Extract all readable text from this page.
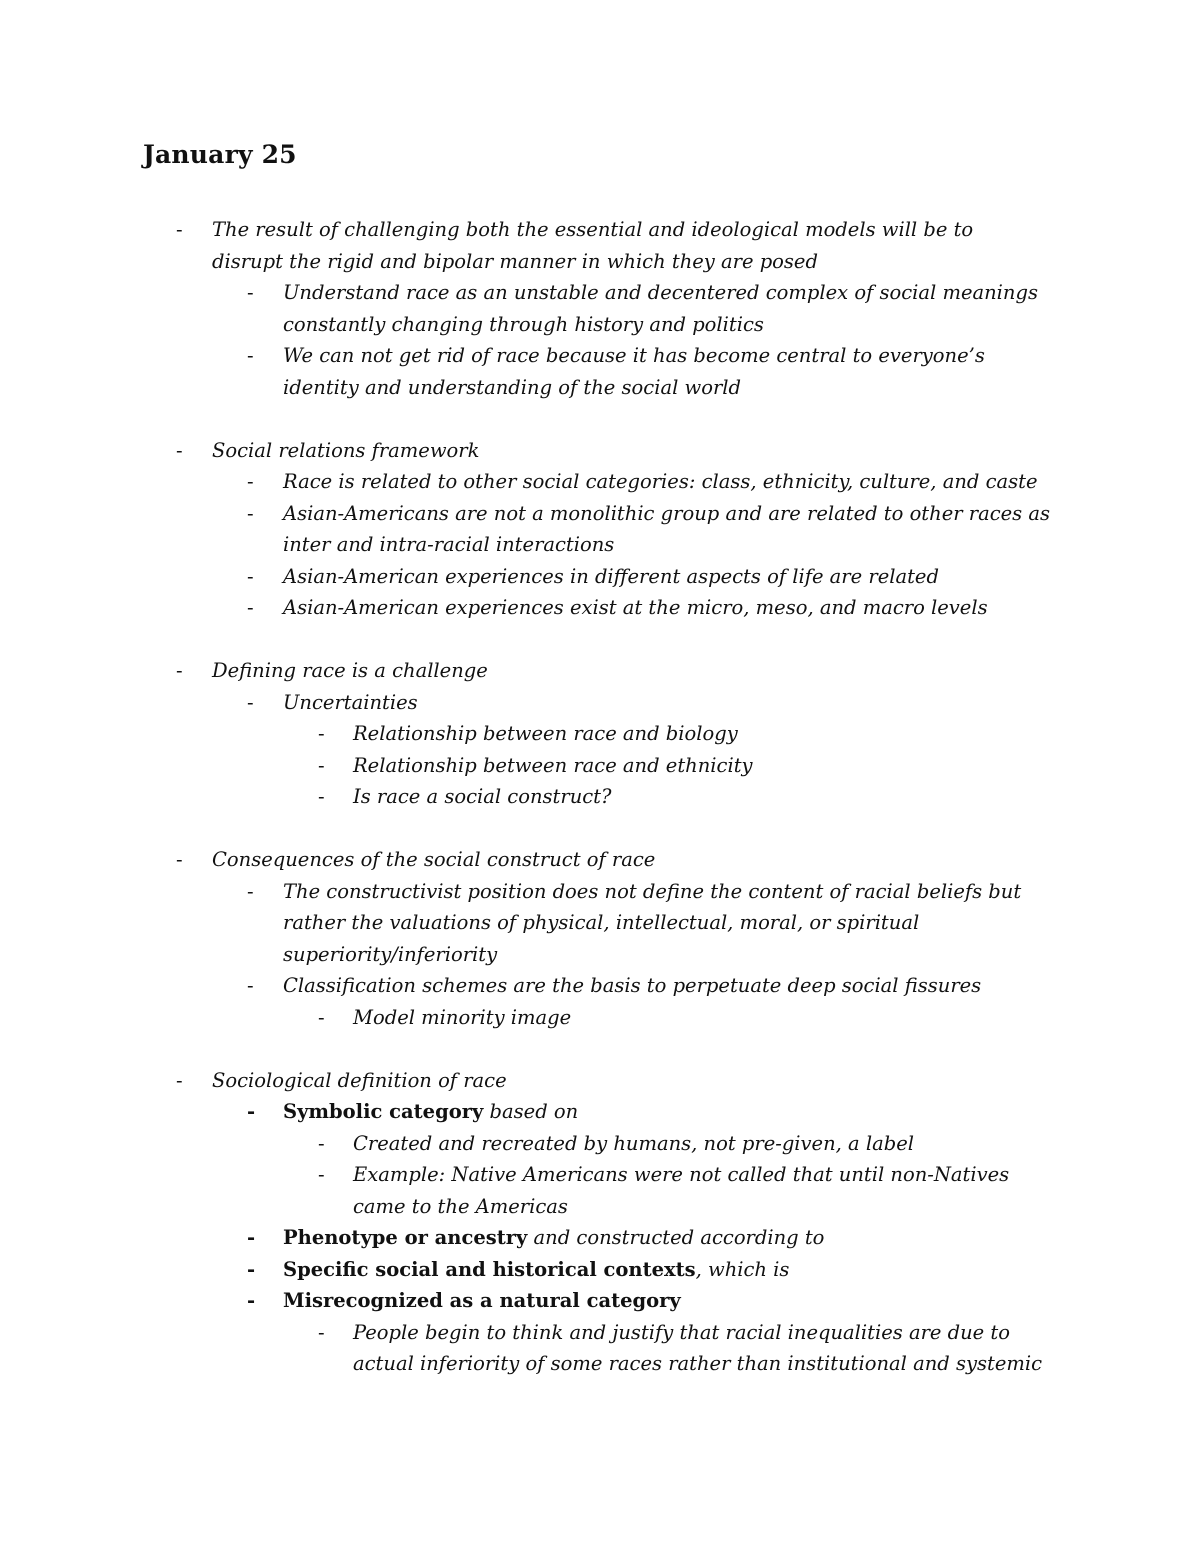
January 25
- The result of challenging both the essential and ideological models will be to disrupt the rigid and bipolar manner in which they are posed
- Understand race as an unstable and decentered complex of social meanings constantly changing through history and politics
- We can not get rid of race because it has become central to everyone’s identity and understanding of the social world
- Social relations framework
- Race is related to other social categories: class, ethnicity, culture, and caste
- Asian-Americans are not a monolithic group and are related to other races as inter and intra-racial interactions
- Asian-American experiences in different aspects of life are related
- Asian-American experiences exist at the micro, meso, and macro levels
- Defining race is a challenge
- Uncertainties
- Relationship between race and biology
- Relationship between race and ethnicity
- Is race a social construct?
- Consequences of the social construct of race
- The constructivist position does not define the content of racial beliefs but rather the valuations of physical, intellectual, moral, or spiritual superiority/inferiority
- Classification schemes are the basis to perpetuate deep social fissures
- Model minority image
- Sociological definition of race
- Symbolic category based on
- Created and recreated by humans, not pre-given, a label
- Example: Native Americans were not called that until non-Natives came to the Americas
- Phenotype or ancestry and constructed according to
- Specific social and historical contexts, which is
- Misrecognized as a natural category
- People begin to think and justify that racial inequalities are due to actual inferiority of some races rather than institutional and systemic
